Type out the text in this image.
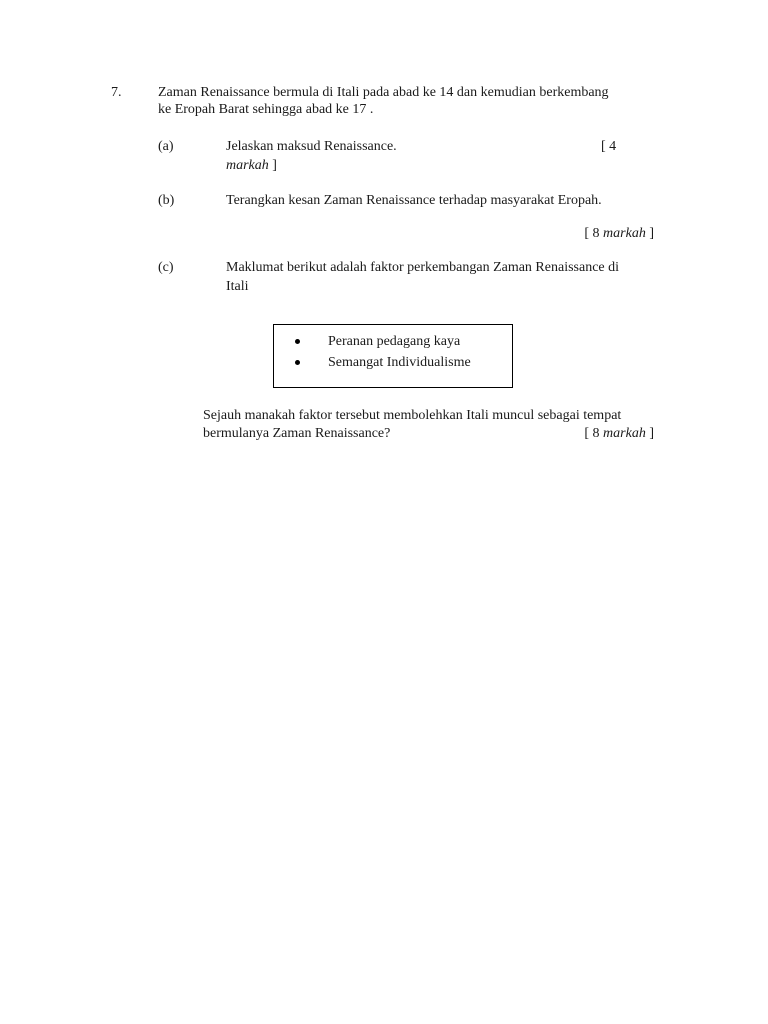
7.	Zaman Renaissance bermula di Itali pada abad ke 14 dan kemudian berkembang
ke Eropah Barat sehingga abad ke 17 .
(a)	Jelaskan maksud Renaissance.	[ 4
markah ]
(b)	Terangkan kesan Zaman Renaissance terhadap masyarakat Eropah.
[ 8 markah ]
(c)	Maklumat berikut adalah faktor perkembangan Zaman Renaissance di
Itali
Peranan pedagang kaya
Semangat Individualisme
Sejauh manakah faktor tersebut membolehkan Itali muncul sebagai tempat
bermulanya Zaman Renaissance?	[ 8 markah ]
